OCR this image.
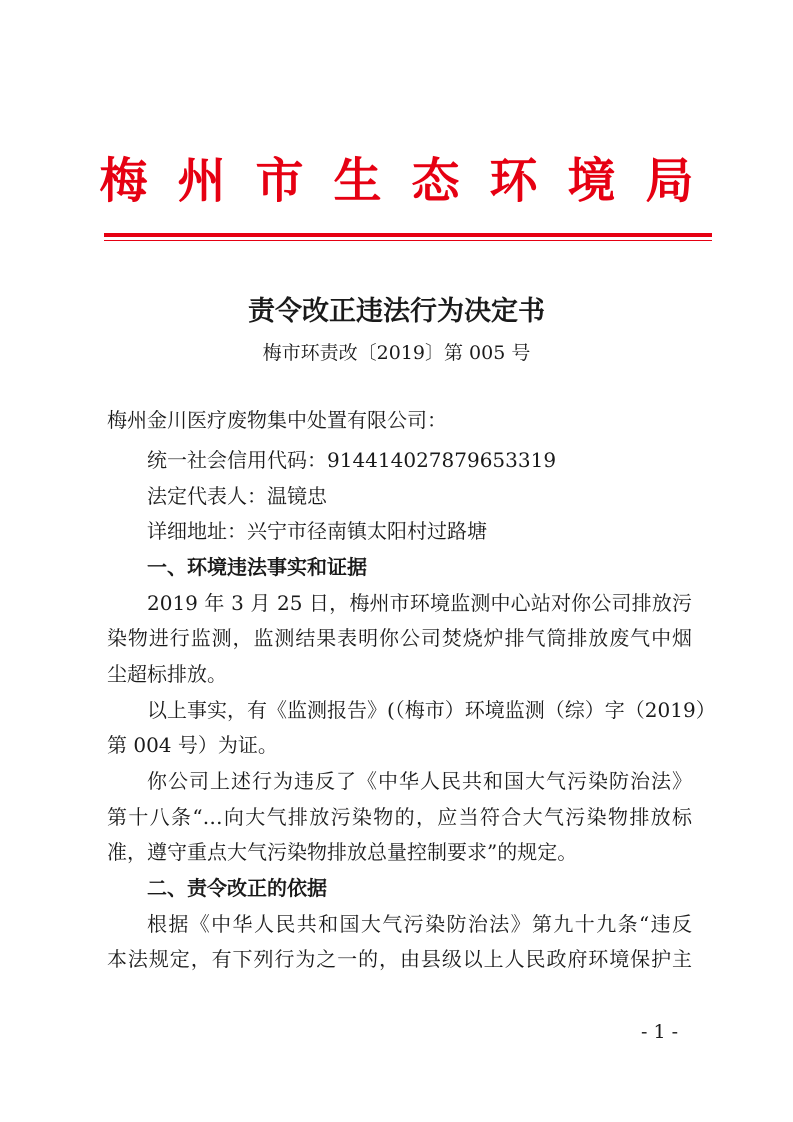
梅州市生态环境局
责令改正违法行为决定书
梅市环责改〔2019〕第 005 号
梅州金川医疗废物集中处置有限公司：
统一社会信用代码：914414027879653319
法定代表人：温镜忠
详细地址：兴宁市径南镇太阳村过路塘
一、环境违法事实和证据
2019 年 3 月 25 日，梅州市环境监测中心站对你公司排放污
染物进行监测，监测结果表明你公司焚烧炉排气筒排放废气中烟
尘超标排放。
以上事实，有《监测报告》(（梅市）环境监测（综）字（2019）
第 004 号）为证。
你公司上述行为违反了《中华人民共和国大气污染防治法》
第十八条“…向大气排放污染物的，应当符合大气污染物排放标
准，遵守重点大气污染物排放总量控制要求”的规定。
二、责令改正的依据
根据《中华人民共和国大气污染防治法》第九十九条“违反
本法规定，有下列行为之一的，由县级以上人民政府环境保护主
- 1 -
